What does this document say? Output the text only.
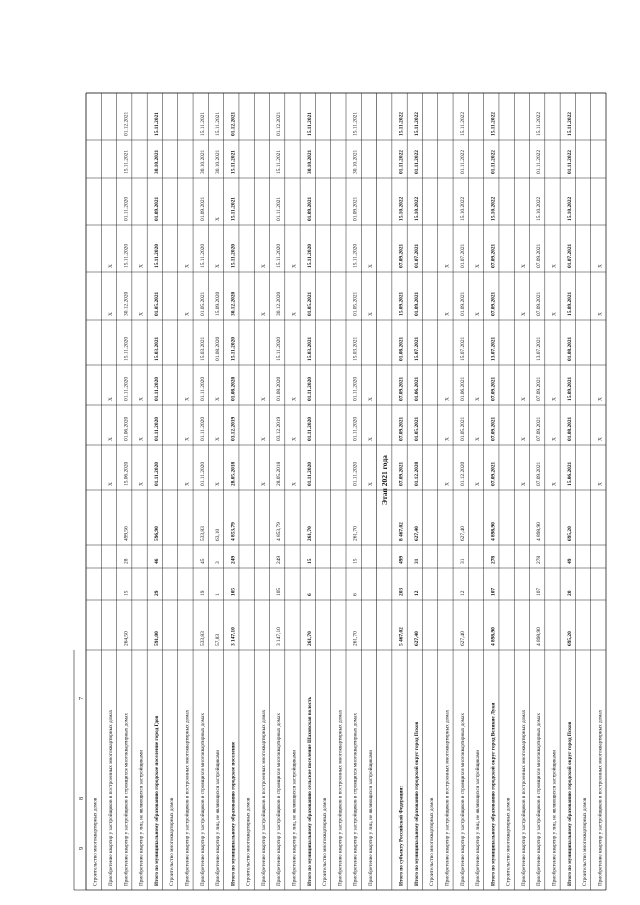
Строительство многоквартирных домов Приобретение квартир у застройщиков в построенных многоквартирных домах
X
X
X
X
X
Приобретение квартир у застройщиков в строящихся многоквартирных домах
264,50
15
28
499,56
15.06.2020
01.06.2020
01.11.2020
15.11.2020
30.12.2020
15.11.2020
01.11.2020
15.11.2021
01.12.2021
Приобретение квартир у лиц, не являющихся застройщиками
X
X
X
X
X
Итого по муниципальному образованию городское поселение город Гдов
591,00
29
46
596,90
01.11.2020
01.11.2020
01.11.2020
15.03.2021
01.05.2021
15.11.2020
01.09.2021
30.10.2021
15.11.2021
Строительство многоквартирных домов Приобретение квартир у застройщиков в построенных многоквартирных домах
X
X
X
X
X
Приобретение квартир у застройщиков в строящихся многоквартирных домах
533,83
19
45
533,83
01.11.2020
01.11.2020
01.11.2020
15.03.2021
01.05.2021
15.11.2020
01.09.2021
30.10.2021
15.11.2021
Приобретение квартир у лиц, не являющихся застройщиками
57,83
1
3
63,10
X
X
X
01.08.2020
15.09.2020
X
X
30.10.2021
15.11.2021
Итого по муниципальному образованию городское поселение
3 147,10
105
249
4 853,79
28.05.2018
03.12.2019
01.08.2020
15.11.2020
30.12.2020
15.11.2020
15.11.2021
15.11.2021
01.12.2021
Строительство многоквартирных домов Приобретение квартир у застройщиков в построенных многоквартирных домах
X
X
X
X
X
Приобретение квартир у застройщиков в строящихся многоквартирных домах
3 147,10
105
249
4 853,79
28.05.2018
03.12.2019
01.08.2020
15.11.2020
30.12.2020
15.11.2020
01.11.2021
15.11.2021
01.12.2021
Приобретение квартир у лиц, не являющихся застройщиками
X
X
X
X
X
Итого по муниципальному образованию сельское поселение Шаховская волость
261,70
6
15
261,70
01.11.2020
01.11.2020
01.11.2020
15.03.2021
01.05.2021
15.11.2020
01.09.2021
30.10.2021
15.11.2021
Строительство многоквартирных домов Приобретение квартир у застройщиков в построенных многоквартирных домах Приобретение квартир у застройщиков в строящихся многоквартирных домах
261,70
6
15
261,70
01.11.2020
01.11.2020
01.11.2020
15.03.2021
01.05.2021
15.11.2020
01.09.2021
30.10.2021
15.11.2021
Приобретение квартир у лиц, не являющихся застройщиками
X
X
X
X
X
Этап 2021 года
Итого по субъекту Российской Федерации:
5 467,02
203
499
8 467,02
07.09.2021
07.09.2021
07.09.2021
01.08.2021
15.09.2021
07.09.2021
15.10.2022
01.11.2022
15.11.2022
Итого по муниципальному образованию городской округ город Псков
627,40
12
31
627,40
01.12.2020
01.05.2021
01.06.2021
15.07.2021
01.09.2021
01.07.2021
15.10.2022
01.11.2022
15.11.2022
Строительство многоквартирных домов Приобретение квартир у застройщиков в построенных многоквартирных домах
X
X
X
X
X
Приобретение квартир у застройщиков в строящихся многоквартирных домах
627,40
12
31
627,40
01.12.2020
01.05.2021
01.06.2021
15.07.2021
01.09.2021
01.07.2021
15.10.2022
01.11.2022
15.11.2022
Приобретение квартир у лиц, не являющихся застройщиками
X
X
X
X
X
Итого по муниципальному образованию городской округ город Великие Луки
4 898,90
107
278
4 898,90
07.09.2021
07.09.2021
07.09.2021
13.07.2021
07.09.2021
07.09.2021
15.10.2022
01.11.2022
15.11.2022
Строительство многоквартирных домов Приобретение квартир у застройщиков в построенных многоквартирных домах
X
X
X
X
X
Приобретение квартир у застройщиков в строящихся многоквартирных домах
4 898,90
107
278
4 898,90
07.09.2021
07.09.2021
07.09.2021
13.07.2021
07.09.2021
07.09.2021
15.10.2022
01.11.2022
15.11.2022
Приобретение квартир у лиц, не являющихся застройщиками
X
X
X
X
X
Итого по муниципальному образованию городской округ город Псков
695,20
20
49
695,20
15.06.2021
01.08.2021
15.09.2021
01.08.2021
15.09.2021
01.07.2021
15.10.2022
01.11.2022
15.11.2022
Строительство многоквартирных домов Приобретение квартир у застройщиков в построенных многоквартирных домах
X
X
X
X
X
7
8
9
